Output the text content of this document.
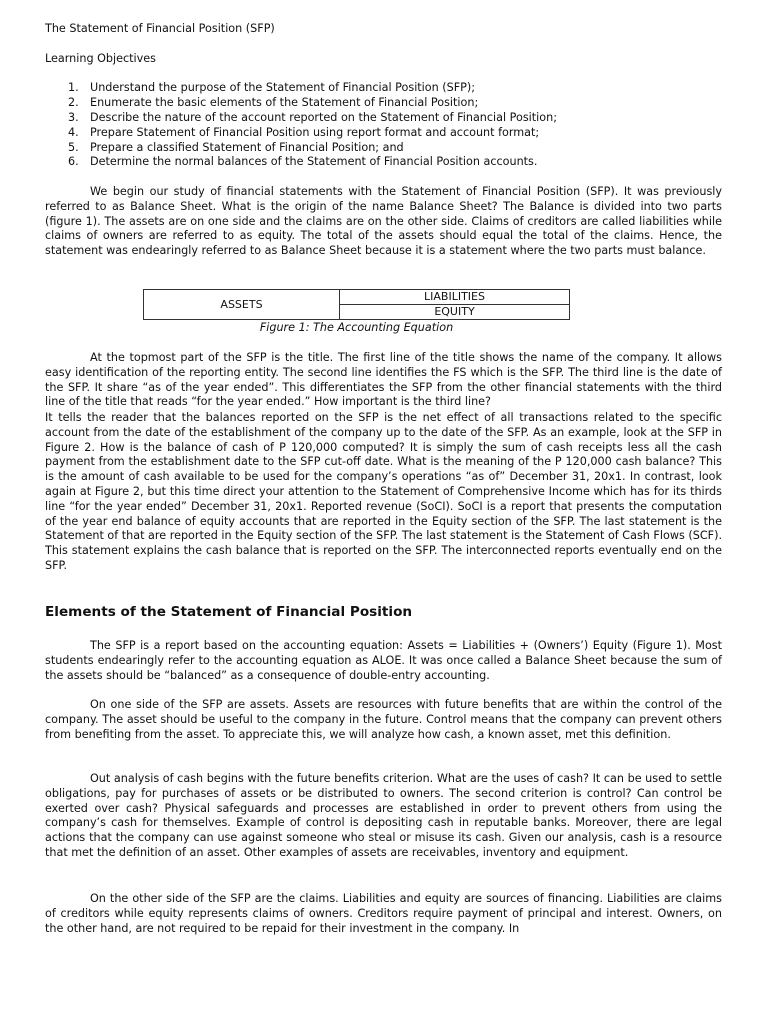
The Statement of Financial Position (SFP)
Learning Objectives
1. Understand the purpose of the Statement of Financial Position (SFP);
2. Enumerate the basic elements of the Statement of Financial Position;
3. Describe the nature of the account reported on the Statement of Financial Position;
4. Prepare Statement of Financial Position using report format and account format;
5. Prepare a classified Statement of Financial Position; and
6. Determine the normal balances of the Statement of Financial Position accounts.

We begin our study of financial statements with the Statement of Financial Position (SFP). It was previously referred to as Balance Sheet. What is the origin of the name Balance Sheet? The Balance is divided into two parts (figure 1). The assets are on one side and the claims are on the other side. Claims of creditors are called liabilities while claims of owners are referred to as equity. The total of the assets should equal the total of the claims. Hence, the statement was endearingly referred to as Balance Sheet because it is a statement where the two parts must balance.

ASSETS	LIABILITIES
EQUITY
Figure 1: The Accounting Equation

At the topmost part of the SFP is the title. The first line of the title shows the name of the company. It allows easy identification of the reporting entity. The second line identifies the FS which is the SFP. The third line is the date of the SFP. It share “as of the year ended”. This differentiates the SFP from the other financial statements with the third line of the title that reads “for the year ended.” How important is the third line?

It tells the reader that the balances reported on the SFP is the net effect of all transactions related to the specific account from the date of the establishment of the company up to the date of the SFP. As an example, look at the SFP in Figure 2. How is the balance of cash of P 120,000 computed? It is simply the sum of cash receipts less all the cash payment from the establishment date to the SFP cut-off date. What is the meaning of the P 120,000 cash balance? This is the amount of cash available to be used for the company’s operations “as of” December 31, 20x1. In contrast, look again at Figure 2, but this time direct your attention to the Statement of Comprehensive Income which has for its thirds line “for the year ended” December 31, 20x1. Reported revenue (SoCI). SoCI is a report that presents the computation of the year end balance of equity accounts that are reported in the Equity section of the SFP. The last statement is the Statement of that are reported in the Equity section of the SFP. The last statement is the Statement of Cash Flows (SCF). This statement explains the cash balance that is reported on the SFP. The interconnected reports eventually end on the SFP.

Elements of the Statement of Financial Position

The SFP is a report based on the accounting equation: Assets = Liabilities + (Owners’) Equity (Figure 1). Most students endearingly refer to the accounting equation as ALOE. It was once called a Balance Sheet because the sum of the assets should be “balanced” as a consequence of double-entry accounting.

On one side of the SFP are assets. Assets are resources with future benefits that are within the control of the company. The asset should be useful to the company in the future. Control means that the company can prevent others from benefiting from the asset. To appreciate this, we will analyze how cash, a known asset, met this definition.

Out analysis of cash begins with the future benefits criterion. What are the uses of cash? It can be used to settle obligations, pay for purchases of assets or be distributed to owners. The second criterion is control? Can control be exerted over cash? Physical safeguards and processes are established in order to prevent others from using the company’s cash for themselves. Example of control is depositing cash in reputable banks. Moreover, there are legal actions that the company can use against someone who steal or misuse its cash. Given our analysis, cash is a resource that met the definition of an asset. Other examples of assets are receivables, inventory and equipment.

On the other side of the SFP are the claims. Liabilities and equity are sources of financing. Liabilities are claims of creditors while equity represents claims of owners. Creditors require payment of principal and interest. Owners, on the other hand, are not required to be repaid for their investment in the company. In
